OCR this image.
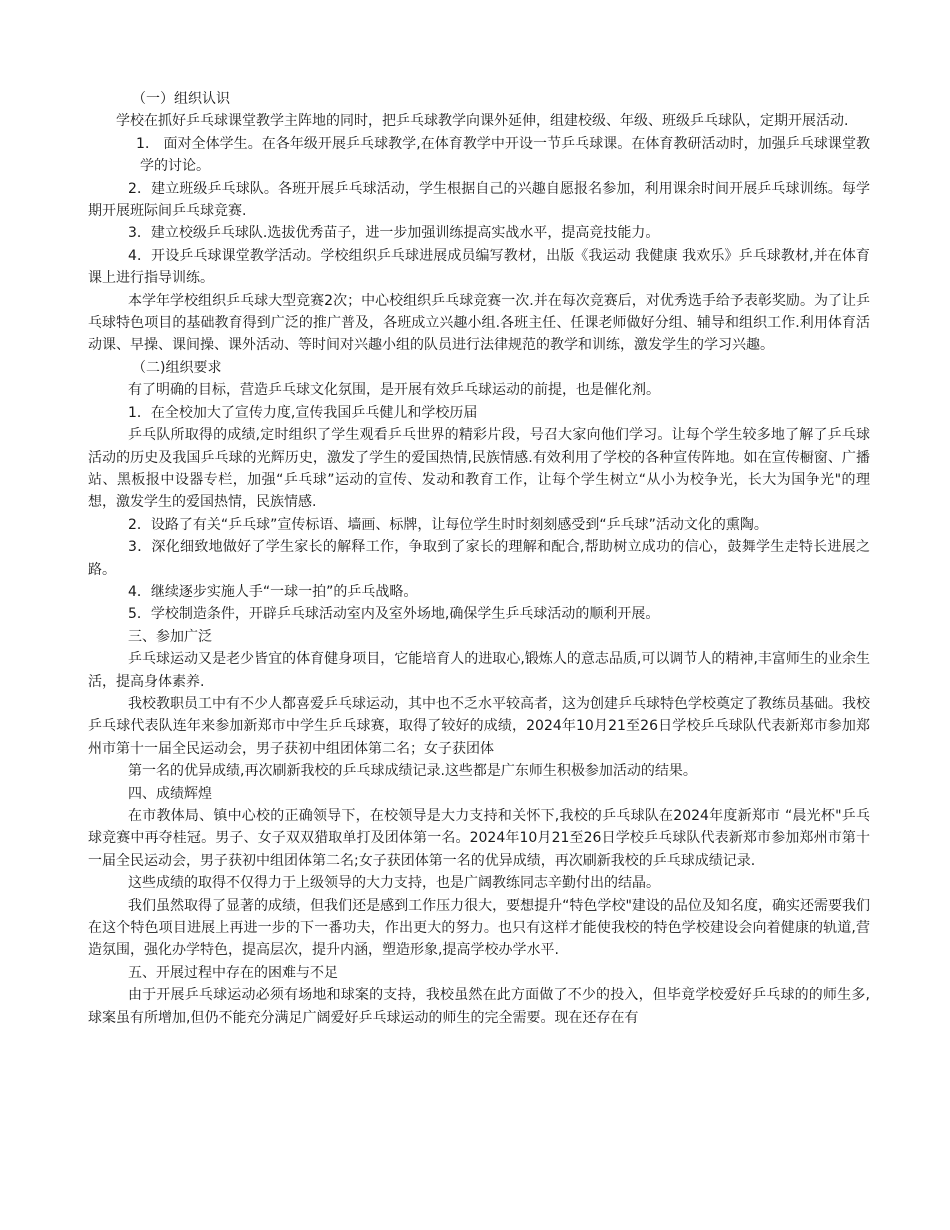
（一）组织认识

学校在抓好乒乓球课堂教学主阵地的同时，把乒乓球教学向课外延伸，组建校级、年级、班级乒乓球队，定期开展活动.

1． 面对全体学生。在各年级开展乒乓球教学,在体育教学中开设一节乒乓球课。在体育教研活动时，加强乒乓球课堂教学的讨论。

2．建立班级乒乓球队。各班开展乒乓球活动，学生根据自己的兴趣自愿报名参加，利用课余时间开展乒乓球训练。每学期开展班际间乒乓球竞赛.

3．建立校级乒乓球队.选拔优秀苗子，进一步加强训练提高实战水平，提高竞技能力。

4．开设乒乓球课堂教学活动。学校组织乒乓球进展成员编写教材，出版《我运动 我健康 我欢乐》乒乓球教材,并在体育课上进行指导训练。

本学年学校组织乒乓球大型竞赛2次；中心校组织乒乓球竞赛一次.并在每次竞赛后，对优秀选手给予表彰奖励。为了让乒乓球特色项目的基础教育得到广泛的推广普及，各班成立兴趣小组.各班主任、任课老师做好分组、辅导和组织工作.利用体育活动课、早操、课间操、课外活动、等时间对兴趣小组的队员进行法律规范的教学和训练，激发学生的学习兴趣。

（二)组织要求

有了明确的目标，营造乒乓球文化氛围，是开展有效乒乓球运动的前提，也是催化剂。

1．在全校加大了宣传力度,宣传我国乒乓健儿和学校历届

乒乓队所取得的成绩,定时组织了学生观看乒乓世界的精彩片段，号召大家向他们学习。让每个学生较多地了解了乒乓球活动的历史及我国乒乓球的光辉历史，激发了学生的爱国热情,民族情感.有效利用了学校的各种宣传阵地。如在宣传橱窗、广播站、黑板报中设器专栏，加强“乒乓球”运动的宣传、发动和教育工作，让每个学生树立“从小为校争光，长大为国争光"的理想，激发学生的爱国热情，民族情感.

2．设路了有关“乒乓球”宣传标语、墙画、标牌，让每位学生时时刻刻感受到“乒乓球”活动文化的熏陶。

3．深化细致地做好了学生家长的解释工作，争取到了家长的理解和配合,帮助树立成功的信心，鼓舞学生走特长进展之路。

4．继续逐步实施人手“一球一拍”的乒乓战略。

5．学校制造条件，开辟乒乓球活动室内及室外场地,确保学生乒乓球活动的顺利开展。

三、参加广泛

乒乓球运动又是老少皆宜的体育健身项目，它能培育人的进取心,锻炼人的意志品质,可以调节人的精神,丰富师生的业余生活，提高身体素养.

我校教职员工中有不少人都喜爱乒乓球运动，其中也不乏水平较高者，这为创建乒乓球特色学校奠定了教练员基础。我校乒乓球代表队连年来参加新郑市中学生乒乓球赛，取得了较好的成绩，2024年10月21至26日学校乒乓球队代表新郑市参加郑州市第十一届全民运动会，男子获初中组团体第二名；女子获团体

第一名的优异成绩,再次刷新我校的乒乓球成绩记录.这些都是广东师生积极参加活动的结果。

四、成绩辉煌

在市教体局、镇中心校的正确领导下，在校领导是大力支持和关怀下,我校的乒乓球队在2024年度新郑市 “晨光杯"乒乓球竞赛中再夺桂冠。男子、女子双双猎取单打及团体第一名。2024年10月21至26日学校乒乓球队代表新郑市参加郑州市第十一届全民运动会，男子获初中组团体第二名;女子获团体第一名的优异成绩，再次刷新我校的乒乓球成绩记录.

这些成绩的取得不仅得力于上级领导的大力支持，也是广阔教练同志辛勤付出的结晶。

我们虽然取得了显著的成绩，但我们还是感到工作压力很大，要想提升“特色学校"建设的品位及知名度，确实还需要我们在这个特色项目进展上再进一步的下一番功夫，作出更大的努力。也只有这样才能使我校的特色学校建设会向着健康的轨道,营造氛围，强化办学特色，提高层次，提升内涵，塑造形象,提高学校办学水平.

五、开展过程中存在的困难与不足

由于开展乒乓球运动必须有场地和球案的支持，我校虽然在此方面做了不少的投入，但毕竟学校爱好乒乓球的的师生多,球案虽有所增加,但仍不能充分满足广阔爱好乒乓球运动的师生的完全需要。现在还存在有
